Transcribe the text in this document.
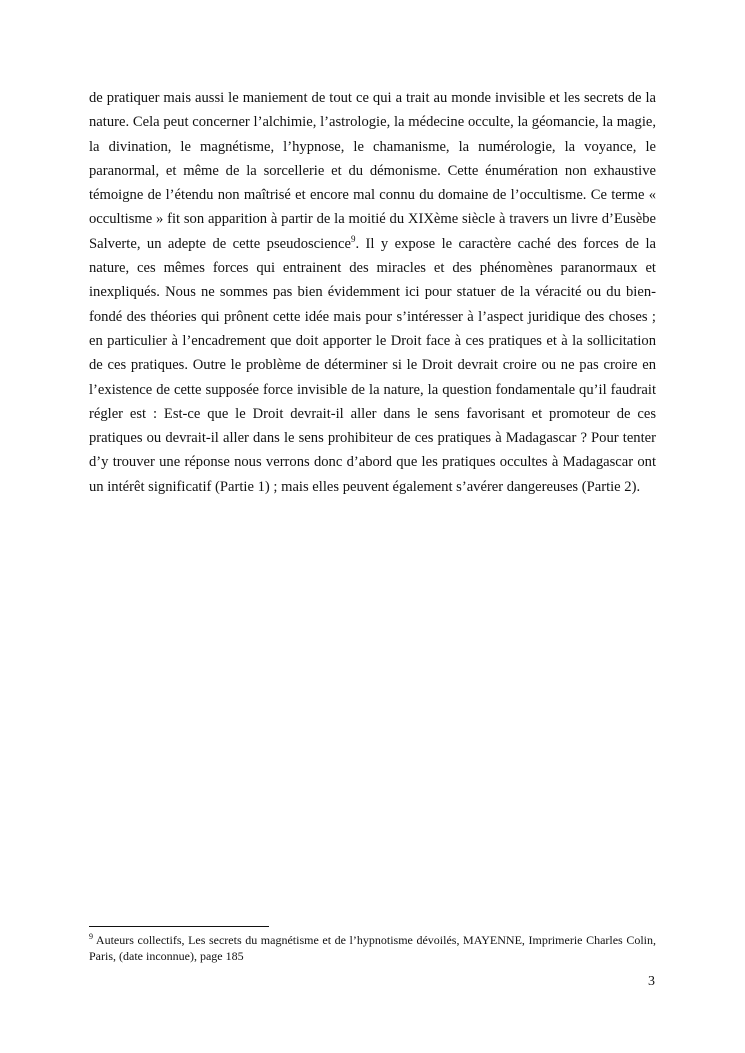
de pratiquer mais aussi le maniement de tout ce qui a trait au monde invisible et les secrets de la nature. Cela peut concerner l’alchimie, l’astrologie, la médecine occulte, la géomancie, la magie, la divination, le magnétisme, l’hypnose, le chamanisme, la numérologie, la voyance, le paranormal, et même de la sorcellerie et du démonisme. Cette énumération non exhaustive témoigne de l’étendu non maîtrisé et encore mal connu du domaine de l’occultisme. Ce terme « occultisme » fit son apparition à partir de la moitié du XIXème siècle à travers un livre d’Eusèbe Salverte, un adepte de cette pseudoscience$^9$. Il y expose le caractère caché des forces de la nature, ces mêmes forces qui entrainent des miracles et des phénomènes paranormaux et inexpliqués. Nous ne sommes pas bien évidemment ici pour statuer de la véracité ou du bien-fondé des théories qui prônent cette idée mais pour s’intéresser à l’aspect juridique des choses ; en particulier à l’encadrement que doit apporter le Droit face à ces pratiques et à la sollicitation de ces pratiques. Outre le problème de déterminer si le Droit devrait croire ou ne pas croire en l’existence de cette supposée force invisible de la nature, la question fondamentale qu’il faudrait régler est : Est-ce que le Droit devrait-il aller dans le sens favorisant et promoteur de ces pratiques ou devrait-il aller dans le sens prohibiteur de ces pratiques à Madagascar ? Pour tenter d’y trouver une réponse nous verrons donc d’abord que les pratiques occultes à Madagascar ont un intérêt significatif (Partie 1) ; mais elles peuvent également s’avérer dangereuses (Partie 2).

$^9$ Auteurs collectifs, Les secrets du magnétisme et de l’hypnotisme dévoilés, MAYENNE, Imprimerie Charles Colin, Paris, (date inconnue), page 185

3
